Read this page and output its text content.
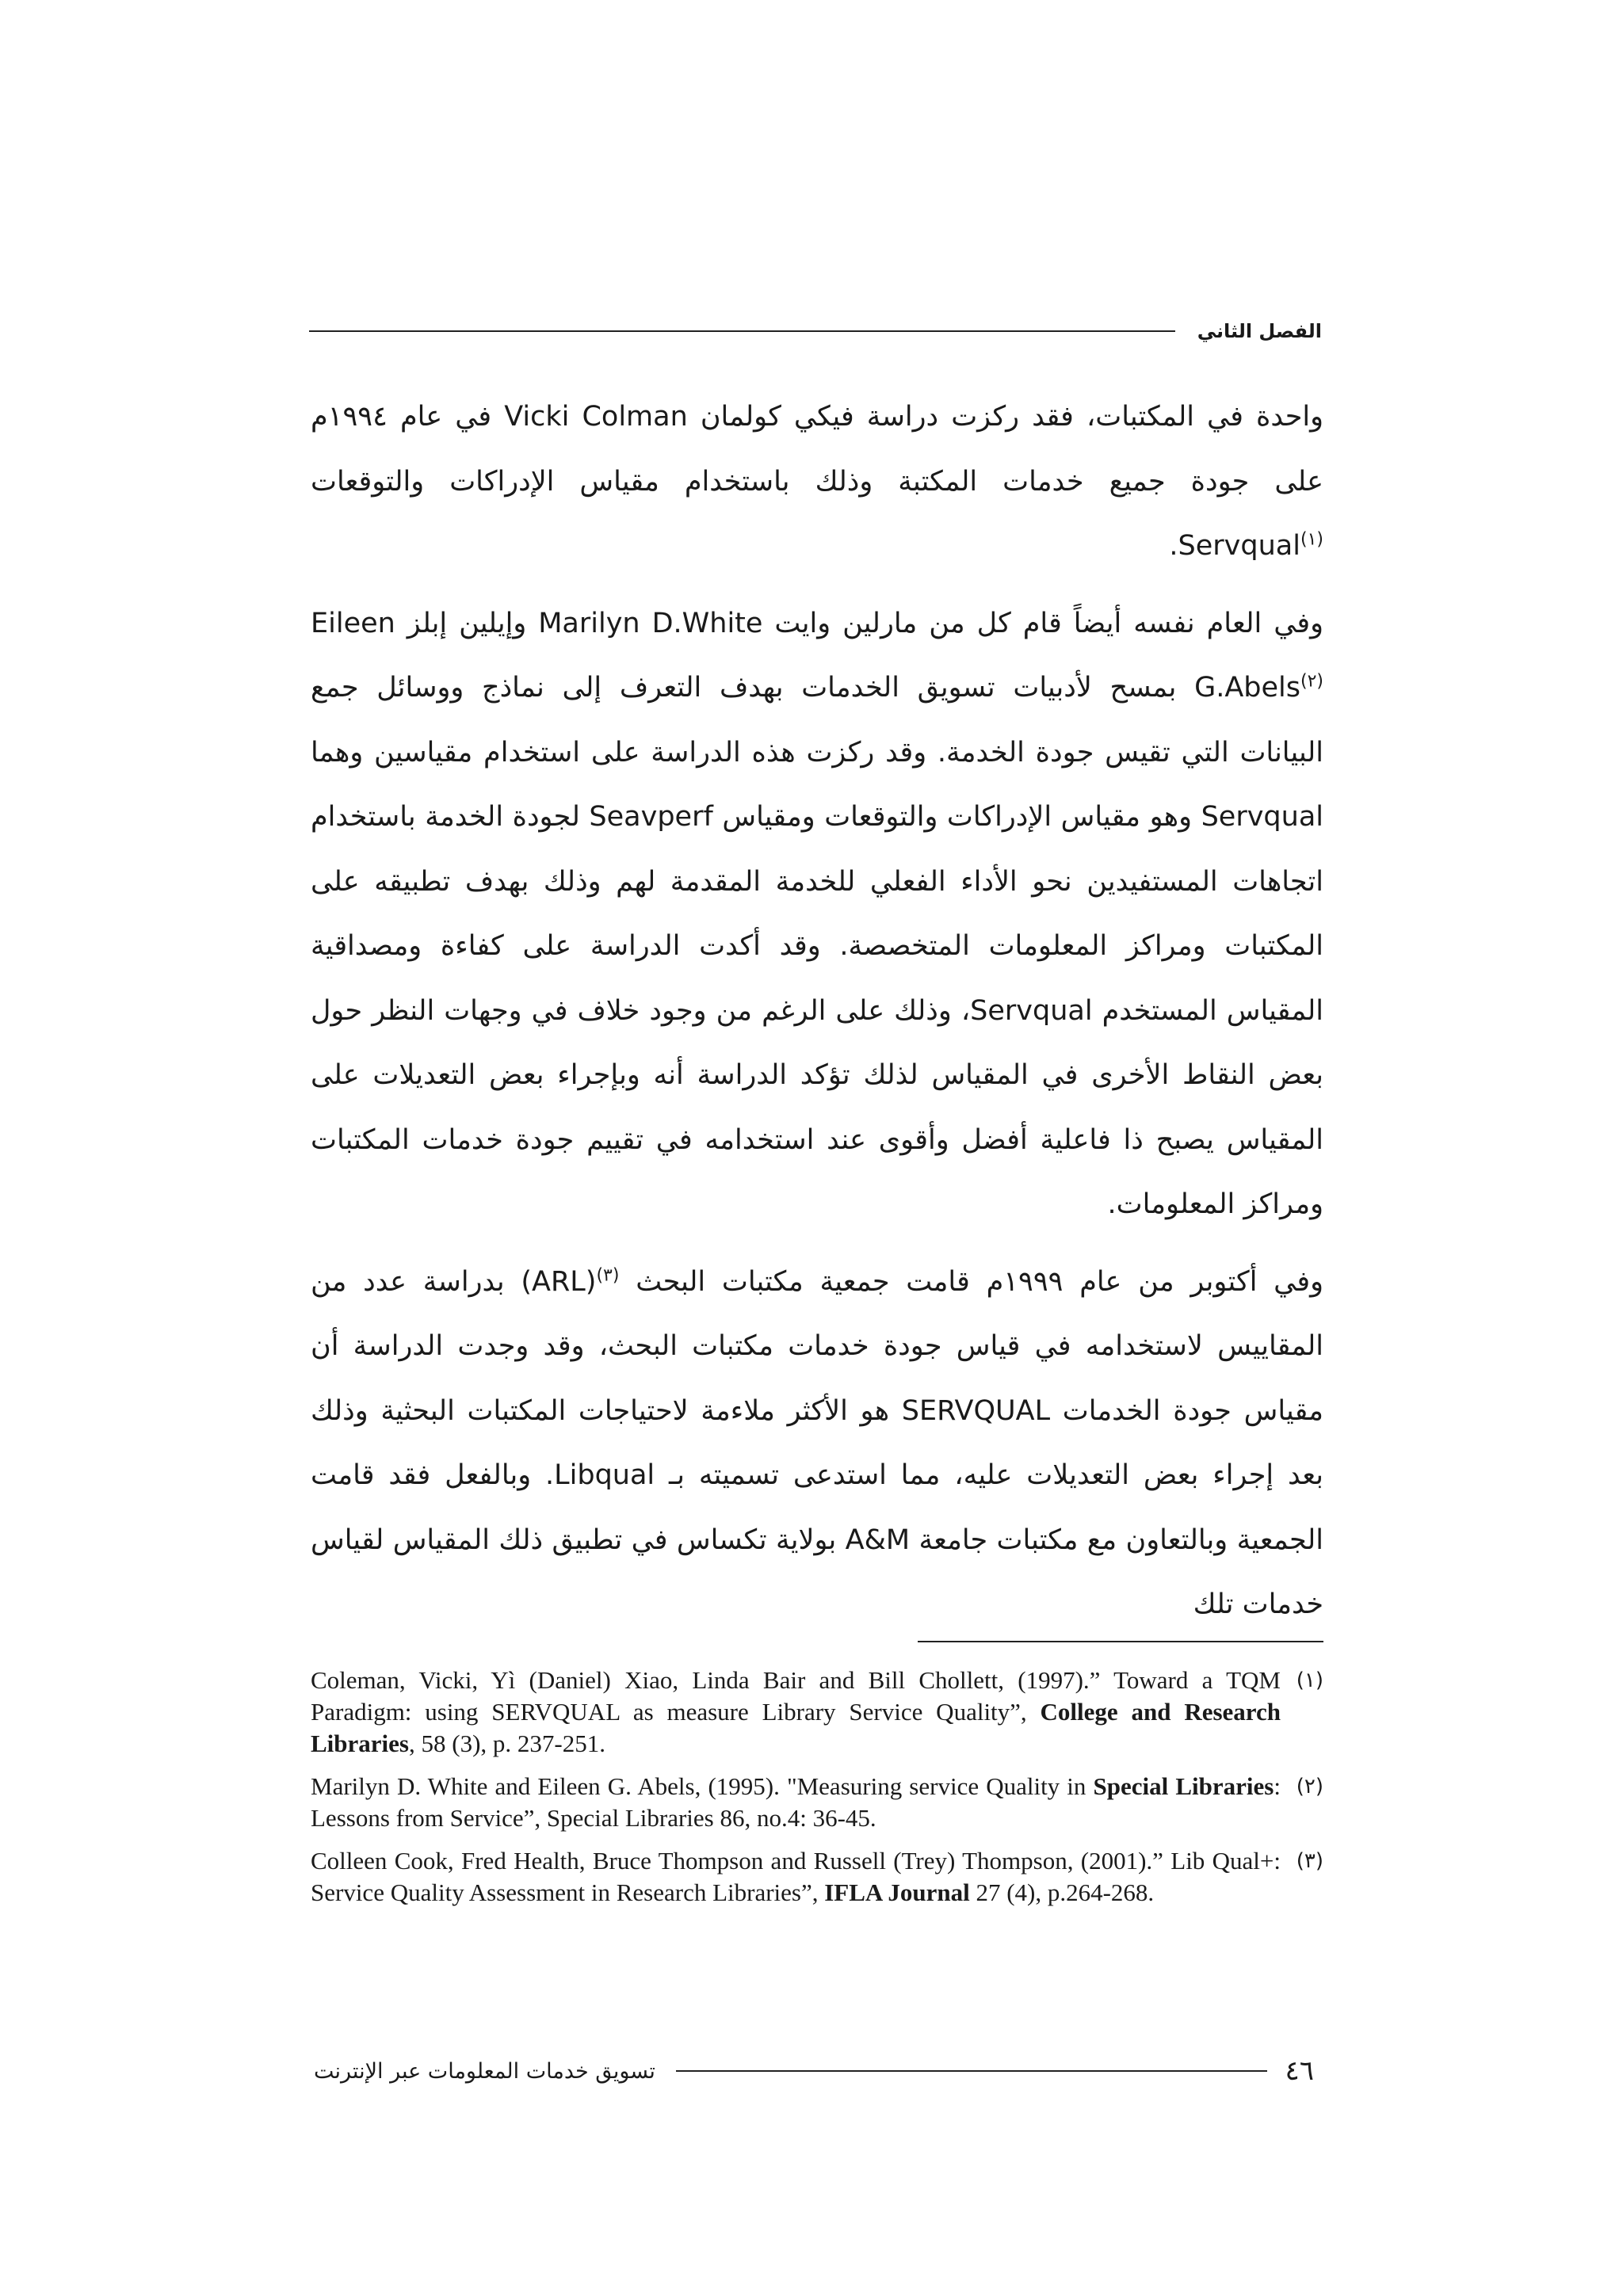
الفصل الثاني

واحدة في المكتبات، فقد ركزت دراسة فيكي كولمان Vicki Colman في عام ١٩٩٤م على جودة جميع خدمات المكتبة وذلك باستخدام مقياس الإدراكات والتوقعات Servqual$^{(١)}$.

وفي العام نفسه أيضاً قام كل من مارلين وايت Marilyn D.White وإيلين إبلز Eileen G.Abels$^{(٢)}$ بمسح لأدبيات تسويق الخدمات بهدف التعرف إلى نماذج ووسائل جمع البيانات التي تقيس جودة الخدمة. وقد ركزت هذه الدراسة على استخدام مقياسين وهما Servqual وهو مقياس الإدراكات والتوقعات ومقياس Seavperf لجودة الخدمة باستخدام اتجاهات المستفيدين نحو الأداء الفعلي للخدمة المقدمة لهم وذلك بهدف تطبيقه على المكتبات ومراكز المعلومات المتخصصة. وقد أكدت الدراسة على كفاءة ومصداقية المقياس المستخدم Servqual، وذلك على الرغم من وجود خلاف في وجهات النظر حول بعض النقاط الأخرى في المقياس لذلك تؤكد الدراسة أنه وبإجراء بعض التعديلات على المقياس يصبح ذا فاعلية أفضل وأقوى عند استخدامه في تقييم جودة خدمات المكتبات ومراكز المعلومات.

وفي أكتوبر من عام ١٩٩٩م قامت جمعية مكتبات البحث (ARL)$^{(٣)}$ بدراسة عدد من المقاييس لاستخدامه في قياس جودة خدمات مكتبات البحث، وقد وجدت الدراسة أن مقياس جودة الخدمات SERVQUAL هو الأكثر ملاءمة لاحتياجات المكتبات البحثية وذلك بعد إجراء بعض التعديلات عليه، مما استدعى تسميته بـ Libqual. وبالفعل فقد قامت الجمعية وبالتعاون مع مكتبات جامعة A&M بولاية تكساس في تطبيق ذلك المقياس لقياس خدمات تلك

(١)
Coleman, Vicki, Yì (Daniel) Xiao, Linda Bair and Bill Chollett, (1997).” Toward a TQM Paradigm: using SERVQUAL as measure Library Service Quality”, College and Research Libraries, 58 (3), p. 237-251.
(٢)
Marilyn D. White and Eileen G. Abels, (1995). "Measuring service Quality in Special Libraries: Lessons from Service”, Special Libraries 86, no.4: 36-45.
(٣)
Colleen Cook, Fred Health, Bruce Thompson and Russell (Trey) Thompson, (2001).” Lib Qual+: Service Quality Assessment in Research Libraries”, IFLA Journal 27 (4), p.264-268.
٤٦
تسويق خدمات المعلومات عبر الإنترنت
